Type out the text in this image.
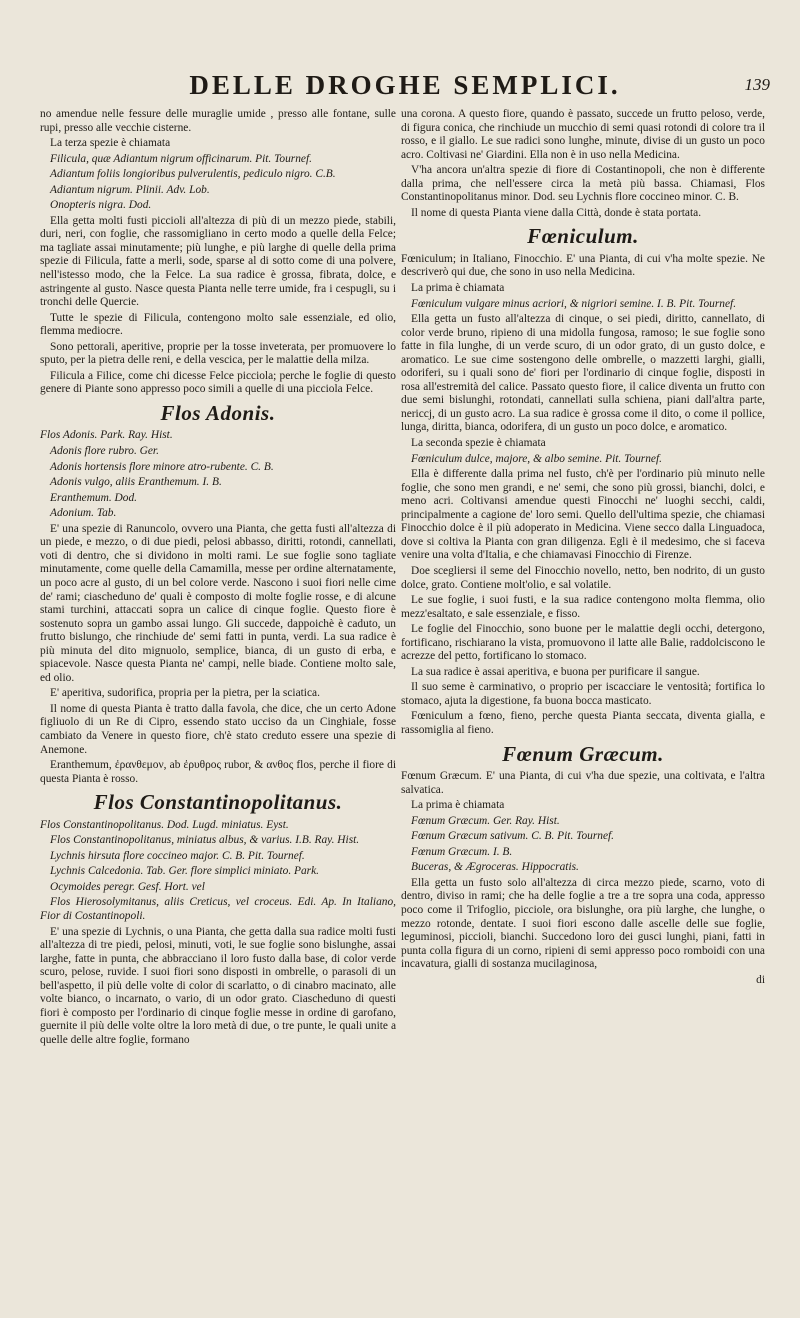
DELLE DROGHE SEMPLICI.	139

no amendue nelle fessure delle muraglie umide , presso alle fontane, sulle rupi, presso alle vecchie cisterne.

La terza spezie è chiamata

Filicula, quæ Adiantum nigrum officinarum. Pit. Tournef.

Adiantum foliis longioribus pulverulentis, pediculo nigro. C.B.

Adiantum nigrum. Plinii. Adv. Lob.

Onopteris nigra. Dod.

Ella getta molti fusti piccioli all'altezza di più di un mezzo piede, stabili, duri, neri, con foglie, che rassomigliano in certo modo a quelle della Felce; ma tagliate assai minutamente; più lunghe, e più larghe di quelle della prima spezie di Filicula, fatte a merli, sode, sparse al di sotto come di una polvere, nell'istesso modo, che la Felce. La sua radice è grossa, fibrata, dolce, e astringente al gusto. Nasce questa Pianta nelle terre umide, fra i cespugli, su i tronchi delle Quercie.

Tutte le spezie di Filicula, contengono molto sale essenziale, ed olio, flemma mediocre.

Sono pettorali, aperitive, proprie per la tosse inveterata, per promuovere lo sputo, per la pietra delle reni, e della vescica, per le malattie della milza.

Filicula a Filice, come chi dicesse Felce picciola; perche le foglie di questo genere di Piante sono appresso poco simili a quelle di una picciola Felce.

Flos Adonis.

Flos Adonis. Park. Ray. Hist.

Adonis flore rubro. Ger.

Adonis hortensis flore minore atro-rubente. C. B.

Adonis vulgo, aliis Eranthemum. I. B.

Eranthemum. Dod.

Adonium. Tab.

E' una spezie di Ranuncolo, ovvero una Pianta, che getta fusti all'altezza di un piede, e mezzo, o di due piedi, pelosi abbasso, diritti, rotondi, cannellati, voti di dentro, che si dividono in molti rami. Le sue foglie sono tagliate minutamente, come quelle della Camamilla, messe per ordine alternatamente, un poco acre al gusto, di un bel colore verde. Nascono i suoi fiori nelle cime de' rami; ciascheduno de' quali è composto di molte foglie rosse, e di alcune stami turchini, attaccati sopra un calice di cinque foglie. Questo fiore è sostenuto sopra un gambo assai lungo. Gli succede, dappoichè è caduto, un frutto bislungo, che rinchiude de' semi fatti in punta, verdi. La sua radice è più minuta del dito mignuolo, semplice, bianca, di un gusto di erba, e spiacevole. Nasce questa Pianta ne' campi, nelle biade. Contiene molto sale, ed olio.

E' aperitiva, sudorifica, propria per la pietra, per la sciatica.

Il nome di questa Pianta è tratto dalla favola, che dice, che un certo Adone figliuolo di un Re di Cipro, essendo stato ucciso da un Cinghiale, fosse cambiato da Venere in questo fiore, ch'è stato creduto essere una spezie di Anemone.

Eranthemum, ἐρανθεμον, ab ἐρυθρος rubor, & ανθος flos, perche il fiore di questa Pianta è rosso.

Flos Constantinopolitanus.

Flos Constantinopolitanus. Dod. Lugd. miniatus. Eyst.

Flos Constantinopolitanus, miniatus albus, & varius. I.B. Ray. Hist.

Lychnis hirsuta flore coccineo major. C. B. Pit. Tournef.

Lychnis Calcedonia. Tab. Ger. flore simplici miniato. Park.

Ocymoides peregr. Gesf. Hort. vel

Flos Hierosolymitanus, aliis Creticus, vel croceus. Edi. Ap. In Italiano, Fior di Costantinopoli.

E' una spezie di Lychnis, o una Pianta, che getta dalla sua radice molti fusti all'altezza di tre piedi, pelosi, minuti, voti, le sue foglie sono bislunghe, assai larghe, fatte in punta, che abbracciano il loro fusto dalla base, di color verde scuro, pelose, ruvide. I suoi fiori sono disposti in ombrelle, o parasoli di un bell'aspetto, il più delle volte di color di scarlatto, o di cinabro macinato, alle volte bianco, o incarnato, o vario, di un odor grato. Ciascheduno di questi fiori è composto per l'ordinario di cinque foglie messe in ordine di garofano, guernite il più delle volte oltre la loro metà di due, o tre punte, le quali unite a quelle delle altre foglie, formano

una corona. A questo fiore, quando è passato, succede un frutto peloso, verde, di figura conica, che rinchiude un mucchio di semi quasi rotondi di colore tra il rosso, e il giallo. Le sue radici sono lunghe, minute, divise di un gusto un poco acro. Coltivasi ne' Giardini. Ella non è in uso nella Medicina.

V'ha ancora un'altra spezie di fiore di Costantinopoli, che non è differente dalla prima, che nell'essere circa la metà più bassa. Chiamasi, Flos Constantinopolitanus minor. Dod. seu Lychnis flore coccineo minor. C. B.

Il nome di questa Pianta viene dalla Città, donde è stata portata.

Fœniculum.

Fœniculum; in Italiano, Finocchio. E' una Pianta, di cui v'ha molte spezie. Ne descriverò qui due, che sono in uso nella Medicina.

La prima è chiamata

Fœniculum vulgare minus acriori, & nigriori semine. I. B. Pit. Tournef.

Ella getta un fusto all'altezza di cinque, o sei piedi, diritto, cannellato, di color verde bruno, ripieno di una midolla fungosa, ramoso; le sue foglie sono fatte in fila lunghe, di un verde scuro, di un odor grato, di un gusto dolce, e aromatico. Le sue cime sostengono delle ombrelle, o mazzetti larghi, gialli, odoriferi, su i quali sono de' fiori per l'ordinario di cinque foglie, disposti in rosa all'estremità del calice. Passato questo fiore, il calice diventa un frutto con due semi bislunghi, rotondati, cannellati sulla schiena, piani dall'altra parte, nericcj, di un gusto acro. La sua radice è grossa come il dito, o come il pollice, lunga, diritta, bianca, odorifera, di un gusto un poco dolce, e aromatico.

La seconda spezie è chiamata

Fœniculum dulce, majore, & albo semine. Pit. Tournef.

Ella è differente dalla prima nel fusto, ch'è per l'ordinario più minuto nelle foglie, che sono men grandi, e ne' semi, che sono più grossi, bianchi, dolci, e meno acri. Coltivansi amendue questi Finocchi ne' luoghi secchi, caldi, principalmente a cagione de' loro semi. Quello dell'ultima spezie, che chiamasi Finocchio dolce è il più adoperato in Medicina. Viene secco dalla Linguadoca, dove si coltiva la Pianta con gran diligenza. Egli è il medesimo, che si faceva venire una volta d'Italia, e che chiamavasi Finocchio di Firenze.

Doe scegliersi il seme del Finocchio novello, netto, ben nodrito, di un gusto dolce, grato. Contiene molt'olio, e sal volatile.

Le sue foglie, i suoi fusti, e la sua radice contengono molta flemma, olio mezz'esaltato, e sale essenziale, e fisso.

Le foglie del Finocchio, sono buone per le malattie degli occhi, detergono, fortificano, rischiarano la vista, promuovono il latte alle Balie, raddolciscono le acrezze del petto, fortificano lo stomaco.

La sua radice è assai aperitiva, e buona per purificare il sangue.

Il suo seme è carminativo, o proprio per iscacciare le ventosità; fortifica lo stomaco, ajuta la digestione, fa buona bocca masticato.

Fœniculum a fœno, fieno, perche questa Pianta seccata, diventa gialla, e rassomiglia al fieno.

Fœnum Græcum.

Fœnum Græcum. E' una Pianta, di cui v'ha due spezie, una coltivata, e l'altra salvatica.

La prima è chiamata

Fœnum Græcum. Ger. Ray. Hist.

Fœnum Græcum sativum. C. B. Pit. Tournef.

Fœnum Græcum. I. B.

Buceras, & Ægroceras. Hippocratis.

Ella getta un fusto solo all'altezza di circa mezzo piede, scarno, voto di dentro, diviso in rami; che ha delle foglie a tre a tre sopra una coda, appresso poco come il Trifoglio, picciole, ora bislunghe, ora più larghe, che lunghe, o mezzo rotonde, dentate. I suoi fiori escono dalle ascelle delle sue foglie, leguminosi, piccioli, bianchi. Succedono loro dei gusci lunghi, piani, fatti in punta colla figura di un corno, ripieni di semi appresso poco romboidi con una incavatura, gialli di sostanza mucilaginosa,

di
